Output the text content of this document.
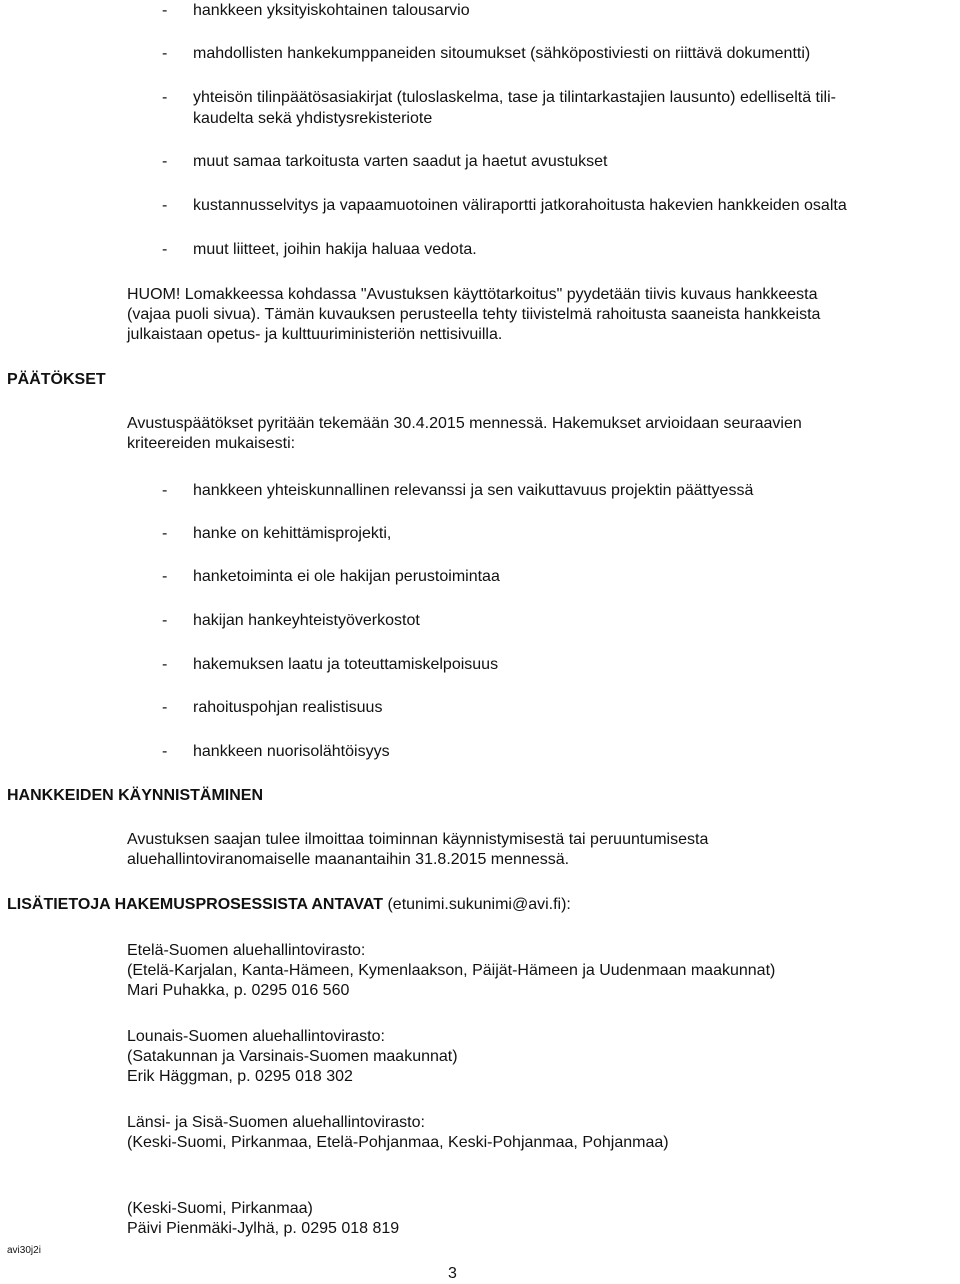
- hankkeen yksityiskohtainen talousarvio
- mahdollisten hankekumppaneiden sitoumukset (sähköpostiviesti on riittävä dokumentti)
- yhteisön tilinpäätösasiakirjat (tuloslaskelma, tase ja tilintarkastajien lausunto) edelliseltä tili-
kaudelta sekä yhdistysrekisteriote
- muut samaa tarkoitusta varten saadut ja haetut avustukset
- kustannusselvitys ja vapaamuotoinen väliraportti jatkorahoitusta hakevien hankkeiden osalta
- muut liitteet, joihin hakija haluaa vedota.
HUOM! Lomakkeessa kohdassa "Avustuksen käyttötarkoitus" pyydetään tiivis kuvaus hankkeesta
(vajaa puoli sivua). Tämän kuvauksen perusteella tehty tiivistelmä rahoitusta saaneista hankkeista
julkaistaan opetus- ja kulttuuriministeriön nettisivuilla.
PÄÄTÖKSET
Avustuspäätökset pyritään tekemään 30.4.2015 mennessä. Hakemukset arvioidaan seuraavien
kriteereiden mukaisesti:
- hankkeen yhteiskunnallinen relevanssi ja sen vaikuttavuus projektin päättyessä
- hanke on kehittämisprojekti,
- hanketoiminta ei ole hakijan perustoimintaa
- hakijan hankeyhteistyöverkostot
- hakemuksen laatu ja toteuttamiskelpoisuus
- rahoituspohjan realistisuus
- hankkeen nuorisolähtöisyys
HANKKEIDEN KÄYNNISTÄMINEN
Avustuksen saajan tulee ilmoittaa toiminnan käynnistymisestä tai peruuntumisesta
aluehallintoviranomaiselle maanantaihin 31.8.2015 mennessä.
LISÄTIETOJA HAKEMUSPROSESSISTA ANTAVAT (etunimi.sukunimi@avi.fi):
Etelä-Suomen aluehallintovirasto:
(Etelä-Karjalan, Kanta-Hämeen, Kymenlaakson, Päijät-Hämeen ja Uudenmaan maakunnat)
Mari Puhakka, p. 0295 016 560
Lounais-Suomen aluehallintovirasto:
(Satakunnan ja Varsinais-Suomen maakunnat)
Erik Häggman, p. 0295 018 302
Länsi- ja Sisä-Suomen aluehallintovirasto:
(Keski-Suomi, Pirkanmaa, Etelä-Pohjanmaa, Keski-Pohjanmaa, Pohjanmaa)
(Keski-Suomi, Pirkanmaa)
Päivi Pienmäki-Jylhä, p. 0295 018 819
avi30j2i
3
